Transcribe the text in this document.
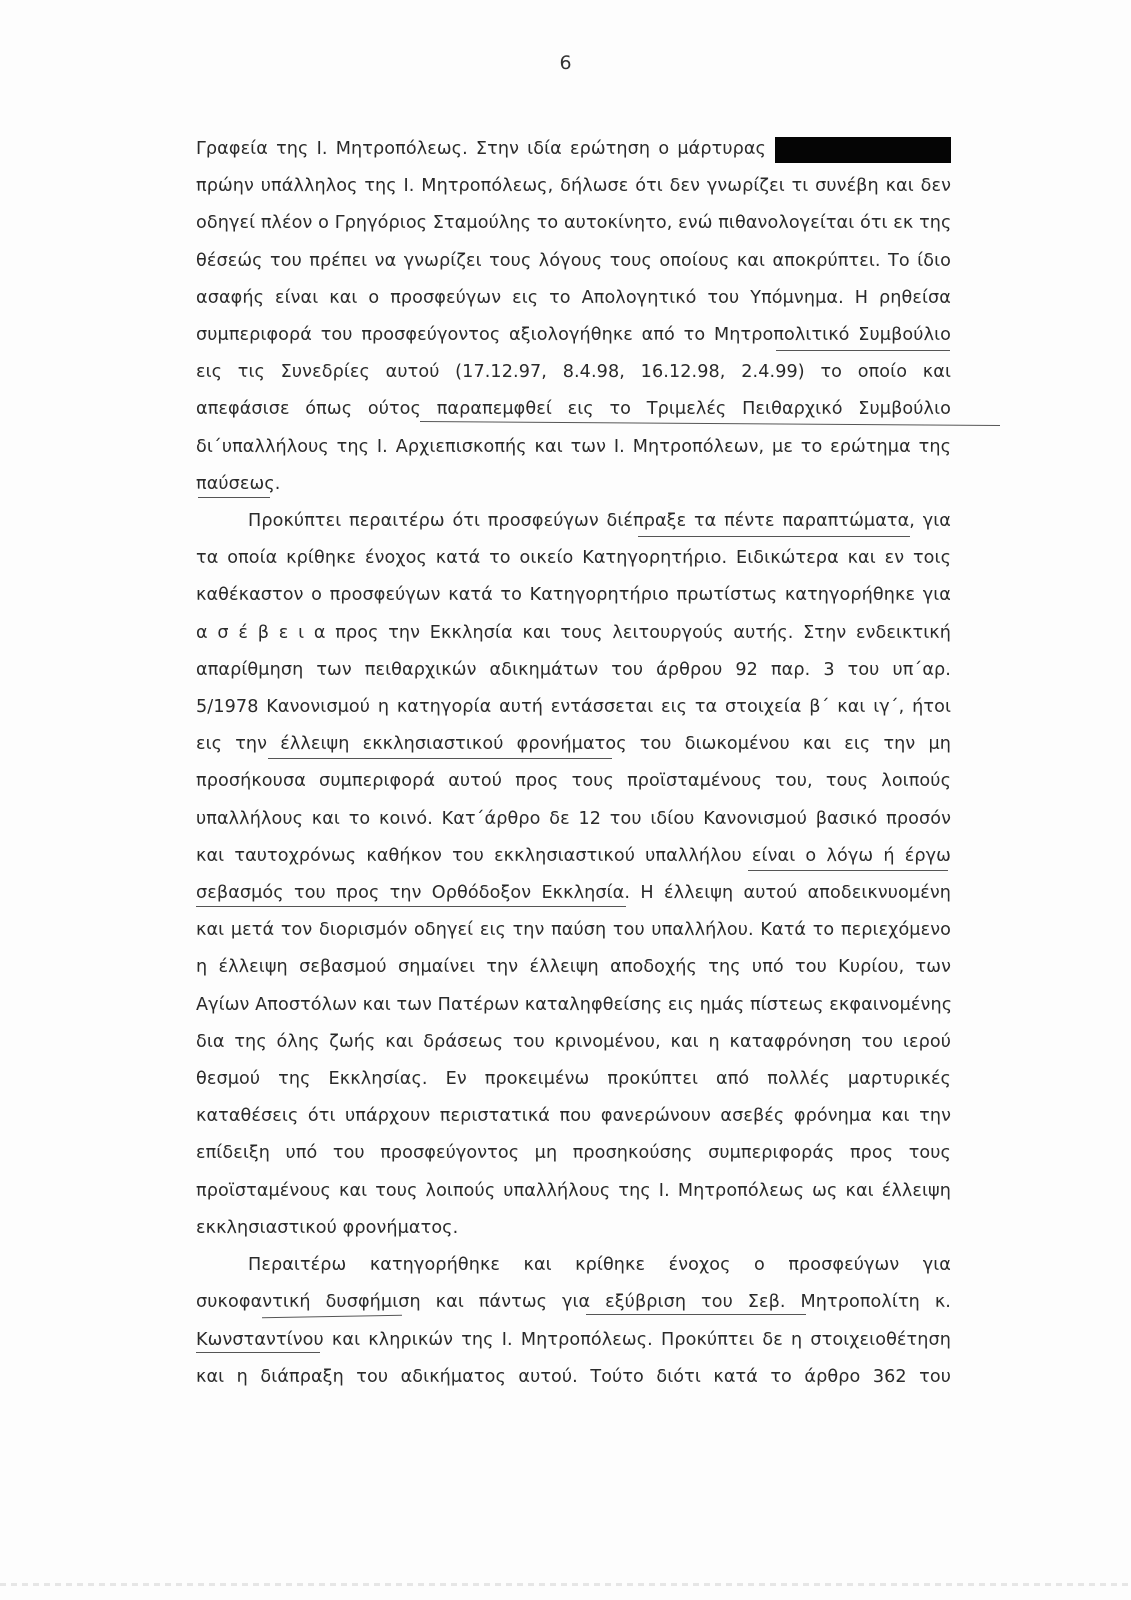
6
Γραφεία της Ι. Μητροπόλεως. Στην ιδία ερώτηση ο μάρτυρας
πρώην υπάλληλος της Ι. Μητροπόλεως, δήλωσε ότι δεν γνωρίζει τι συνέβη και δεν
οδηγεί πλέον ο Γρηγόριος Σταμούλης το αυτοκίνητο, ενώ πιθανολογείται ότι εκ της
θέσεώς του πρέπει να γνωρίζει τους λόγους τους οποίους και αποκρύπτει. Το ίδιο
ασαφής είναι και ο προσφεύγων εις το Απολογητικό του Υπόμνημα. Η ρηθείσα
συμπεριφορά του προσφεύγοντος αξιολογήθηκε από το Μητροπολιτικό Συμβούλιο
εις τις Συνεδρίες αυτού (17.12.97, 8.4.98, 16.12.98, 2.4.99) το οποίο και
απεφάσισε όπως ούτος παραπεμφθεί εις το Τριμελές Πειθαρχικό Συμβούλιο
δι΄υπαλλήλους της Ι. Αρχιεπισκοπής και των Ι. Μητροπόλεων, με το ερώτημα της
παύσεως.
Προκύπτει περαιτέρω ότι προσφεύγων διέπραξε τα πέντε παραπτώματα, για
τα οποία κρίθηκε ένοχος κατά το οικείο Κατηγορητήριο. Ειδικώτερα και εν τοις
καθέκαστον ο προσφεύγων κατά το Κατηγορητήριο πρωτίστως κατηγορήθηκε για
α σ έ β ε ι α προς την Εκκλησία και τους λειτουργούς αυτής. Στην ενδεικτική
απαρίθμηση των πειθαρχικών αδικημάτων του άρθρου 92 παρ. 3 του υπ΄αρ.
5/1978 Κανονισμού η κατηγορία αυτή εντάσσεται εις τα στοιχεία β΄ και ιγ΄, ήτοι
εις την έλλειψη εκκλησιαστικού φρονήματος του διωκομένου και εις την μη
προσήκουσα συμπεριφορά αυτού προς τους προϊσταμένους του, τους λοιπούς
υπαλλήλους και το κοινό. Κατ΄άρθρο δε 12 του ιδίου Κανονισμού βασικό προσόν
και ταυτοχρόνως καθήκον του εκκλησιαστικού υπαλλήλου είναι ο λόγω ή έργω
σεβασμός του προς την Ορθόδοξον Εκκλησία. Η έλλειψη αυτού αποδεικνυομένη
και μετά τον διορισμόν οδηγεί εις την παύση του υπαλλήλου. Κατά το περιεχόμενο
η έλλειψη σεβασμού σημαίνει την έλλειψη αποδοχής της υπό του Κυρίου, των
Αγίων Αποστόλων και των Πατέρων καταληφθείσης εις ημάς πίστεως εκφαινομένης
δια της όλης ζωής και δράσεως του κρινομένου, και η καταφρόνηση του ιερού
θεσμού της Εκκλησίας. Εν προκειμένω προκύπτει από πολλές μαρτυρικές
καταθέσεις ότι υπάρχουν περιστατικά που φανερώνουν ασεβές φρόνημα και την
επίδειξη υπό του προσφεύγοντος μη προσηκούσης συμπεριφοράς προς τους
προϊσταμένους και τους λοιπούς υπαλλήλους της Ι. Μητροπόλεως ως και έλλειψη
εκκλησιαστικού φρονήματος.
Περαιτέρω κατηγορήθηκε και κρίθηκε ένοχος ο προσφεύγων για
συκοφαντική δυσφήμιση και πάντως για εξύβριση του Σεβ. Μητροπολίτη κ.
Κωνσταντίνου και κληρικών της Ι. Μητροπόλεως. Προκύπτει δε η στοιχειοθέτηση
και η διάπραξη του αδικήματος αυτού. Τούτο διότι κατά το άρθρο 362 του
